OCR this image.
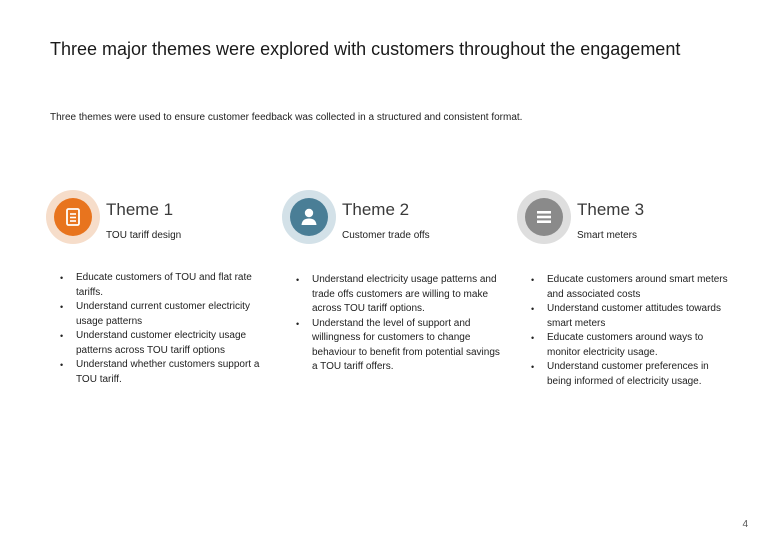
Three major themes were explored with customers throughout the engagement

Three themes were used to ensure customer feedback was collected in a structured and consistent format.

Theme 1
TOU tariff design
• Educate customers of TOU and flat rate tariffs.
• Understand current customer electricity usage patterns
• Understand customer electricity usage patterns across TOU tariff options
• Understand whether customers support a TOU tariff.
Theme 2
Customer trade offs
• Understand electricity usage patterns and trade offs customers are willing to make across TOU tariff options.
• Understand the level of support and willingness for customers to change behaviour to benefit from potential savings a TOU tariff offers.
Theme 3
Smart meters
• Educate customers around smart meters and associated costs
• Understand customer attitudes towards smart meters
• Educate customers around ways to monitor electricity usage.
• Understand customer preferences in being informed of electricity usage.
4
